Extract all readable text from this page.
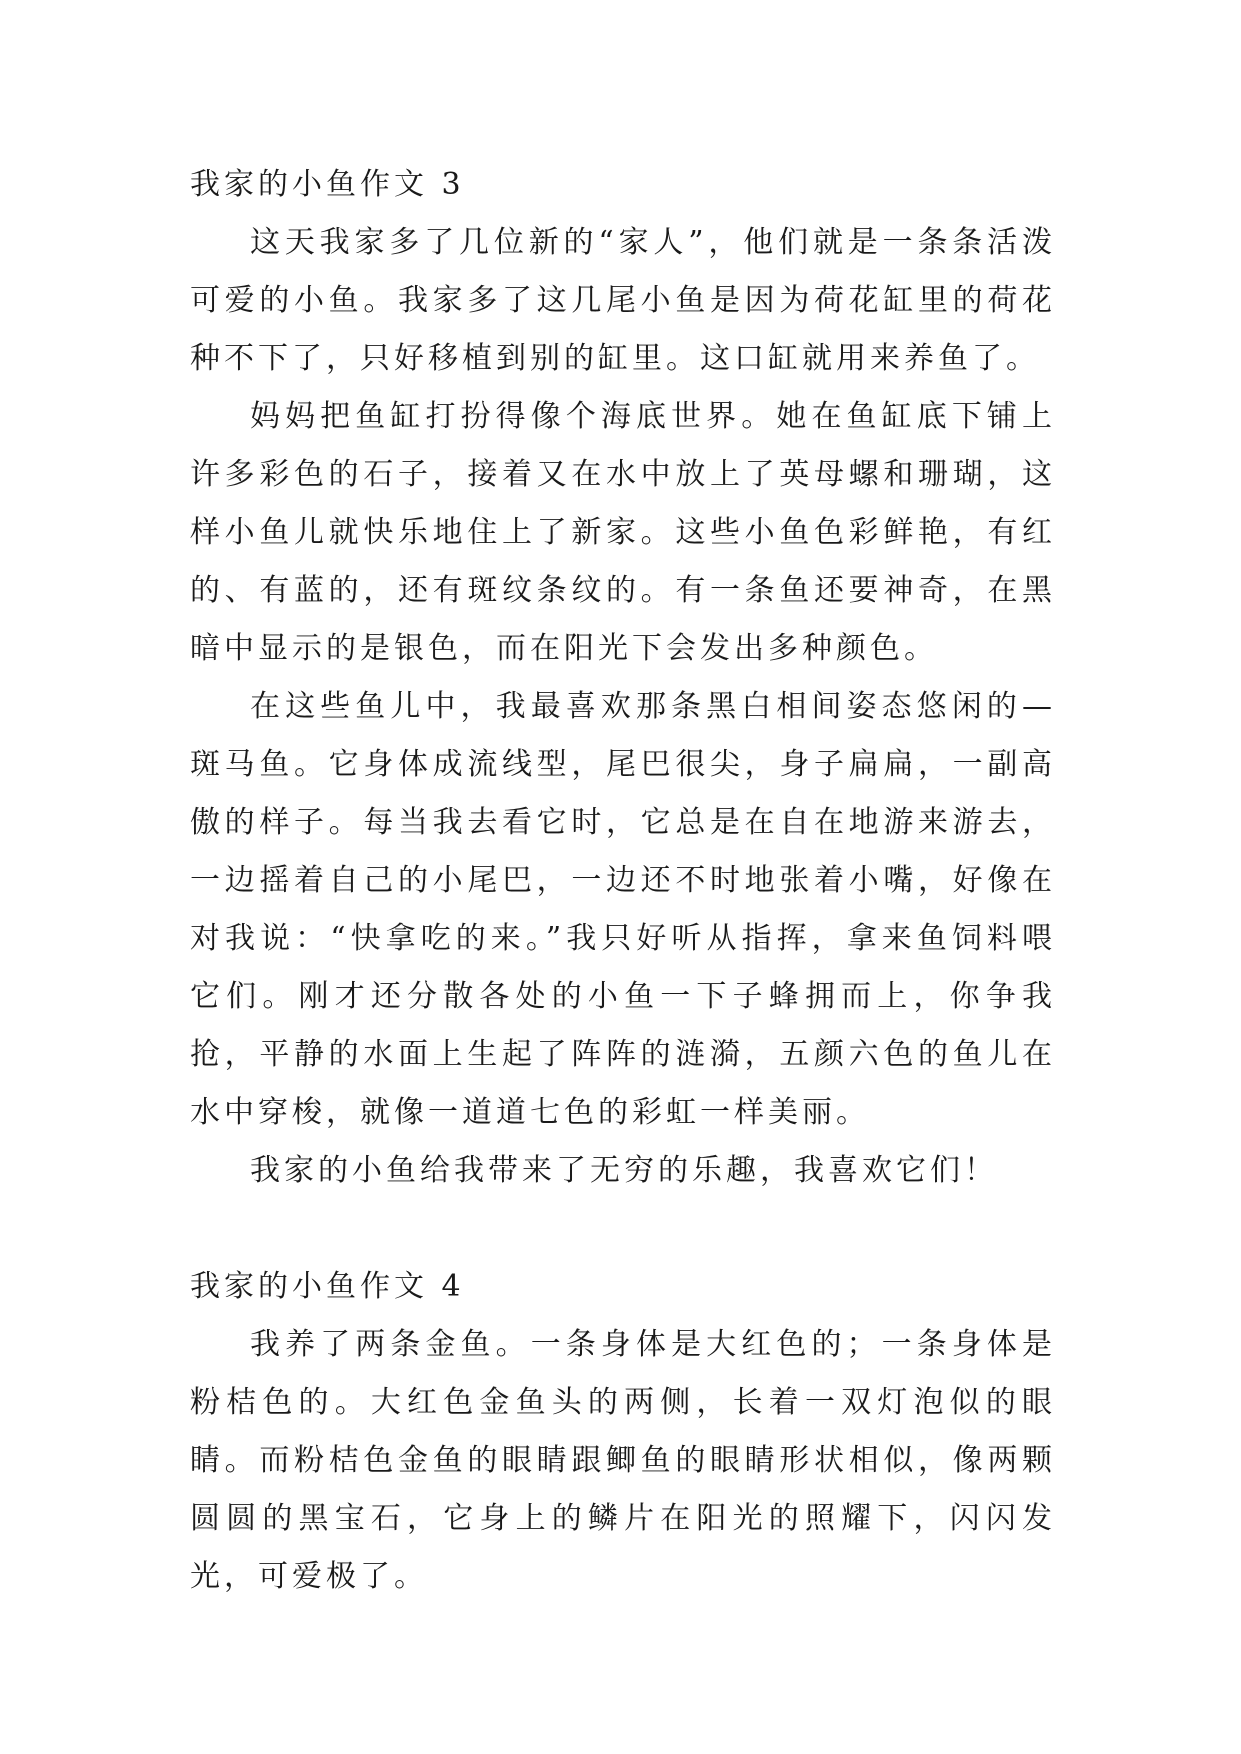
我家的小鱼作文 3

这天我家多了几位新的“家人”，他们就是一条条活泼可爱的小鱼。我家多了这几尾小鱼是因为荷花缸里的荷花种不下了，只好移植到别的缸里。这口缸就用来养鱼了。

妈妈把鱼缸打扮得像个海底世界。她在鱼缸底下铺上许多彩色的石子，接着又在水中放上了英母螺和珊瑚，这样小鱼儿就快乐地住上了新家。这些小鱼色彩鲜艳，有红的、有蓝的，还有斑纹条纹的。有一条鱼还要神奇，在黑暗中显示的是银色，而在阳光下会发出多种颜色。

在这些鱼儿中，我最喜欢那条黑白相间姿态悠闲的—斑马鱼。它身体成流线型，尾巴很尖，身子扁扁，一副高傲的样子。每当我去看它时，它总是在自在地游来游去，一边摇着自己的小尾巴，一边还不时地张着小嘴，好像在对我说：“快拿吃的来。”我只好听从指挥，拿来鱼饲料喂它们。刚才还分散各处的小鱼一下子蜂拥而上，你争我抢，平静的水面上生起了阵阵的涟漪，五颜六色的鱼儿在水中穿梭，就像一道道七色的彩虹一样美丽。

我家的小鱼给我带来了无穷的乐趣，我喜欢它们！

我家的小鱼作文 4

我养了两条金鱼。一条身体是大红色的；一条身体是粉桔色的。大红色金鱼头的两侧，长着一双灯泡似的眼睛。而粉桔色金鱼的眼睛跟鲫鱼的眼睛形状相似，像两颗圆圆的黑宝石，它身上的鳞片在阳光的照耀下，闪闪发光，可爱极了。
